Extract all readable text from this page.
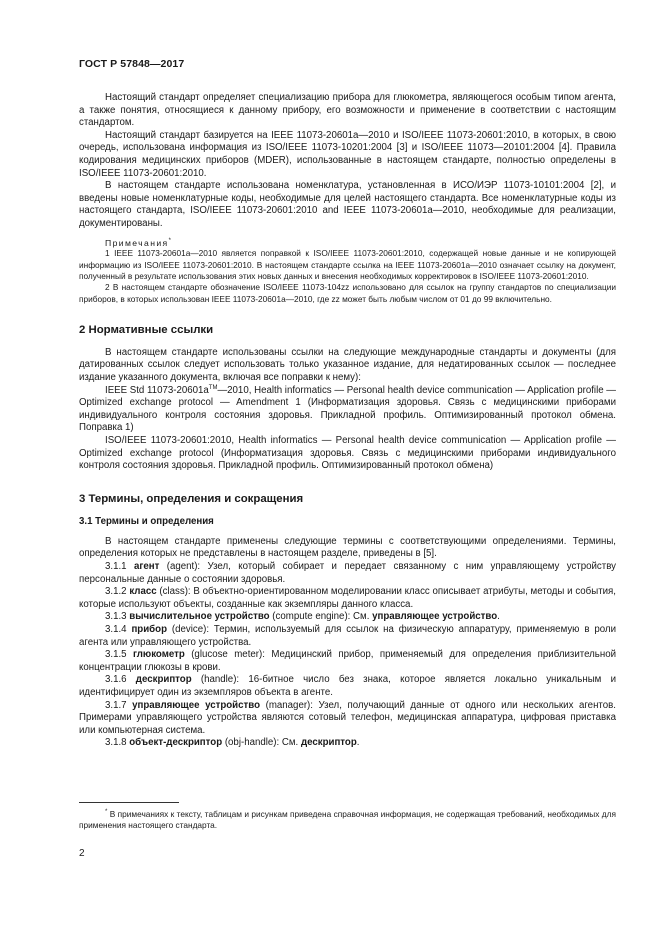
ГОСТ Р 57848—2017

Настоящий стандарт определяет специализацию прибора для глюкометра, являющегося особым типом агента, а также понятия, относящиеся к данному прибору, его возможности и применение в соответствии с настоящим стандартом.

Настоящий стандарт базируется на IEEE 11073-20601a—2010 и ISO/IEEE 11073-20601:2010, в которых, в свою очередь, использована информация из ISO/IEEE 11073-10201:2004 [3] и ISO/IEEE 11073—20101:2004 [4]. Правила кодирования медицинских приборов (MDER), использованные в настоящем стандарте, полностью определены в ISO/IEEE 11073-20601:2010.

В настоящем стандарте использована номенклатура, установленная в ИСО/ИЭР 11073-10101:2004 [2], и введены новые номенклатурные коды, необходимые для целей настоящего стандарта. Все номенклатурные коды из настоящего стандарта, ISO/IEEE 11073-20601:2010 and IEEE 11073-20601a—2010, необходимые для реализации, документированы.

Примечания*

1 IEEE 11073-20601a—2010 является поправкой к ISO/IEEE 11073-20601:2010, содержащей новые данные и не копирующей информацию из ISO/IEEE 11073-20601:2010. В настоящем стандарте ссылка на IEEE 11073-20601a—2010 означает ссылку на документ, полученный в результате использования этих новых данных и внесения необходимых корректировок в ISO/IEEE 11073-20601:2010.

2 В настоящем стандарте обозначение ISO/IEEE 11073-104zz использовано для ссылок на группу стандартов по специализации приборов, в которых использован IEEE 11073-20601a—2010, где zz может быть любым числом от 01 до 99 включительно.

2 Нормативные ссылки

В настоящем стандарте использованы ссылки на следующие международные стандарты и документы (для датированных ссылок следует использовать только указанное издание, для недатированных ссылок — последнее издание указанного документа, включая все поправки к нему):

IEEE Std 11073-20601a™—2010, Health informatics — Personal health device communication — Application profile — Optimized exchange protocol — Amendment 1 (Информатизация здоровья. Связь с медицинскими приборами индивидуального контроля состояния здоровья. Прикладной профиль. Оптимизированный протокол обмена. Поправка 1)

ISO/IEEE 11073-20601:2010, Health informatics — Personal health device communication — Application profile — Optimized exchange protocol (Информатизация здоровья. Связь с медицинскими приборами индивидуального контроля состояния здоровья. Прикладной профиль. Оптимизированный протокол обмена)

3 Термины, определения и сокращения
3.1 Термины и определения

В настоящем стандарте применены следующие термины с соответствующими определениями. Термины, определения которых не представлены в настоящем разделе, приведены в [5].

3.1.1 агент (agent): Узел, который собирает и передает связанному с ним управляющему устройству персональные данные о состоянии здоровья.

3.1.2 класс (class): В объектно-ориентированном моделировании класс описывает атрибуты, методы и события, которые используют объекты, созданные как экземпляры данного класса.

3.1.3 вычислительное устройство (compute engine): См. управляющее устройство.

3.1.4 прибор (device): Термин, используемый для ссылок на физическую аппаратуру, применяемую в роли агента или управляющего устройства.

3.1.5 глюкометр (glucose meter): Медицинский прибор, применяемый для определения приблизительной концентрации глюкозы в крови.

3.1.6 дескриптор (handle): 16-битное число без знака, которое является локально уникальным и идентифицирует один из экземпляров объекта в агенте.

3.1.7 управляющее устройство (manager): Узел, получающий данные от одного или нескольких агентов. Примерами управляющего устройства являются сотовый телефон, медицинская аппаратура, цифровая приставка или компьютерная система.

3.1.8 объект-дескриптор (obj-handle): См. дескриптор.

* В примечаниях к тексту, таблицам и рисункам приведена справочная информация, не содержащая требований, необходимых для применения настоящего стандарта.
2
